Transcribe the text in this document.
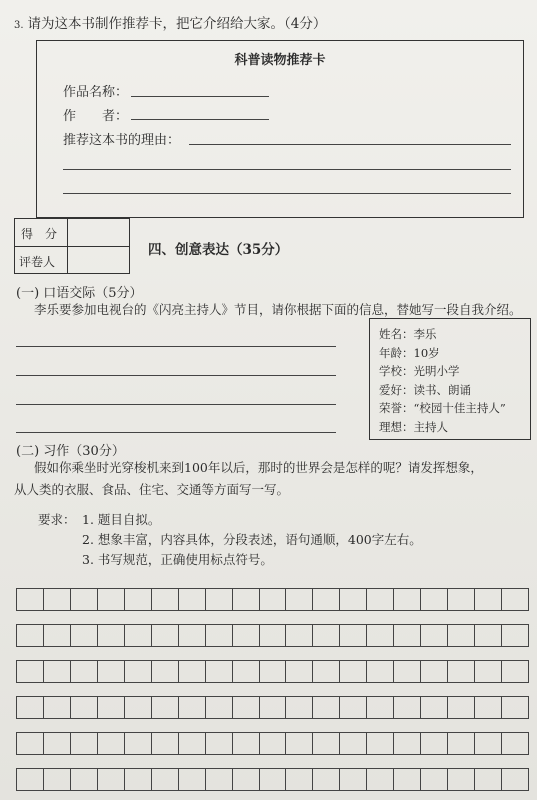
3. 请为这本书制作推荐卡，把它介绍给大家。（4分）
科普读物推荐卡
作品名称：
作　　者：
推荐这本书的理由：
得　分
评卷人
四、创意表达（35分）
(一) 口语交际（5分）
李乐要参加电视台的《闪亮主持人》节目，请你根据下面的信息，替她写一段自我介绍。
姓名：李乐
年龄：10岁
学校：光明小学
爱好：读书、朗诵
荣誉：“校园十佳主持人”
理想：主持人
(二) 习作（30分）
假如你乘坐时光穿梭机来到100年以后，那时的世界会是怎样的呢？请发挥想象，
从人类的衣服、食品、住宅、交通等方面写一写。
要求： 1. 题目自拟。
2. 想象丰富，内容具体，分段表述，语句通顺，400字左右。
3. 书写规范，正确使用标点符号。
